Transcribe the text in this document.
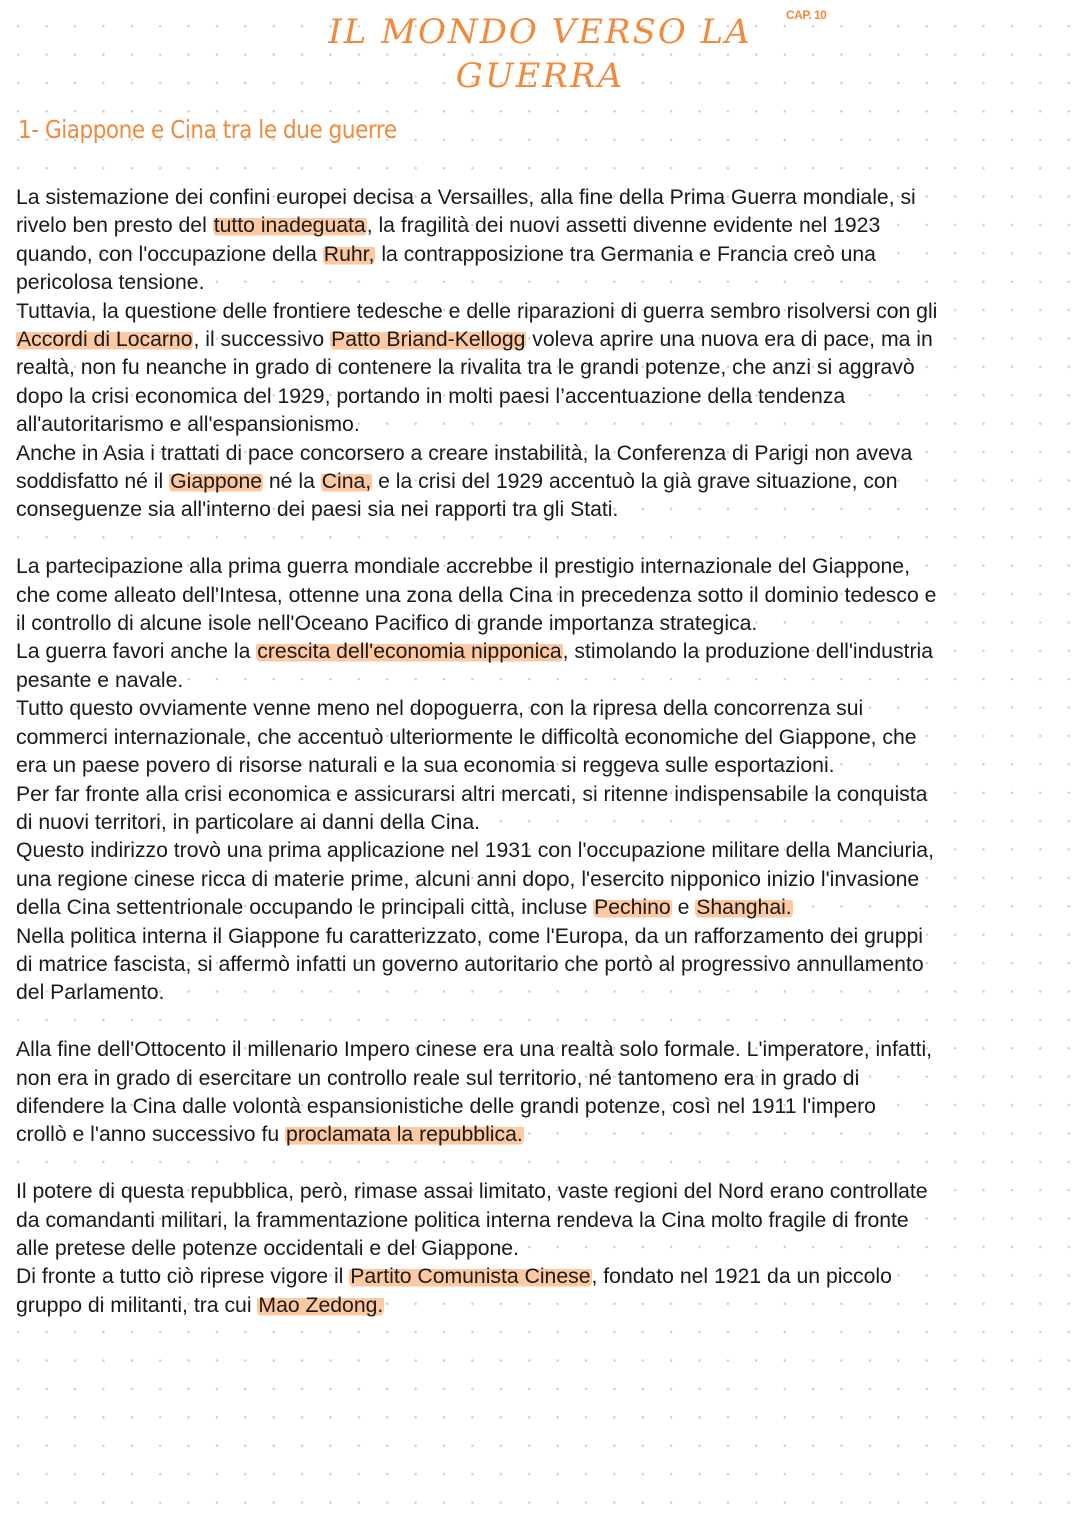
IL MONDO VERSO LA
GUERRA
CAP. 10
1- Giappone e Cina tra le due guerre

La sistemazione dei confini europei decisa a Versailles, alla fine della Prima Guerra mondiale, si

rivelo ben presto del tutto inadeguata, la fragilità dei nuovi assetti divenne evidente nel 1923

quando, con l'occupazione della Ruhr, la contrapposizione tra Germania e Francia creò una

pericolosa tensione.

Tuttavia, la questione delle frontiere tedesche e delle riparazioni di guerra sembro risolversi con gli

Accordi di Locarno, il successivo Patto Briand-Kellogg voleva aprire una nuova era di pace, ma in

realtà, non fu neanche in grado di contenere la rivalita tra le grandi potenze, che anzi si aggravò

dopo la crisi economica del 1929, portando in molti paesi l’accentuazione della tendenza

all'autoritarismo e all'espansionismo.

Anche in Asia i trattati di pace concorsero a creare instabilità, la Conferenza di Parigi non aveva

soddisfatto né il Giappone né la Cina, e la crisi del 1929 accentuò la già grave situazione, con

conseguenze sia all'interno dei paesi sia nei rapporti tra gli Stati.

La partecipazione alla prima guerra mondiale accrebbe il prestigio internazionale del Giappone,

che come alleato dell'Intesa, ottenne una zona della Cina in precedenza sotto il dominio tedesco e

il controllo di alcune isole nell'Oceano Pacifico di grande importanza strategica.

La guerra favori anche la crescita dell'economia nipponica, stimolando la produzione dell'industria

pesante e navale.

Tutto questo ovviamente venne meno nel dopoguerra, con la ripresa della concorrenza sui

commerci internazionale, che accentuò ulteriormente le difficoltà economiche del Giappone, che

era un paese povero di risorse naturali e la sua economia si reggeva sulle esportazioni.

Per far fronte alla crisi economica e assicurarsi altri mercati, si ritenne indispensabile la conquista

di nuovi territori, in particolare ai danni della Cina.

Questo indirizzo trovò una prima applicazione nel 1931 con l'occupazione militare della Manciuria,

una regione cinese ricca di materie prime, alcuni anni dopo, l'esercito nipponico inizio l'invasione

della Cina settentrionale occupando le principali città, incluse Pechino e Shanghai.

Nella politica interna il Giappone fu caratterizzato, come l'Europa, da un rafforzamento dei gruppi

di matrice fascista, si affermò infatti un governo autoritario che portò al progressivo annullamento

del Parlamento.

Alla fine dell'Ottocento il millenario Impero cinese era una realtà solo formale. L'imperatore, infatti,

non era in grado di esercitare un controllo reale sul territorio, né tantomeno era in grado di

difendere la Cina dalle volontà espansionistiche delle grandi potenze, così nel 1911 l'impero

crollò e l'anno successivo fu proclamata la repubblica.

Il potere di questa repubblica, però, rimase assai limitato, vaste regioni del Nord erano controllate

da comandanti militari, la frammentazione politica interna rendeva la Cina molto fragile di fronte

alle pretese delle potenze occidentali e del Giappone.

Di fronte a tutto ciò riprese vigore il Partito Comunista Cinese, fondato nel 1921 da un piccolo

gruppo di militanti, tra cui Mao Zedong.
